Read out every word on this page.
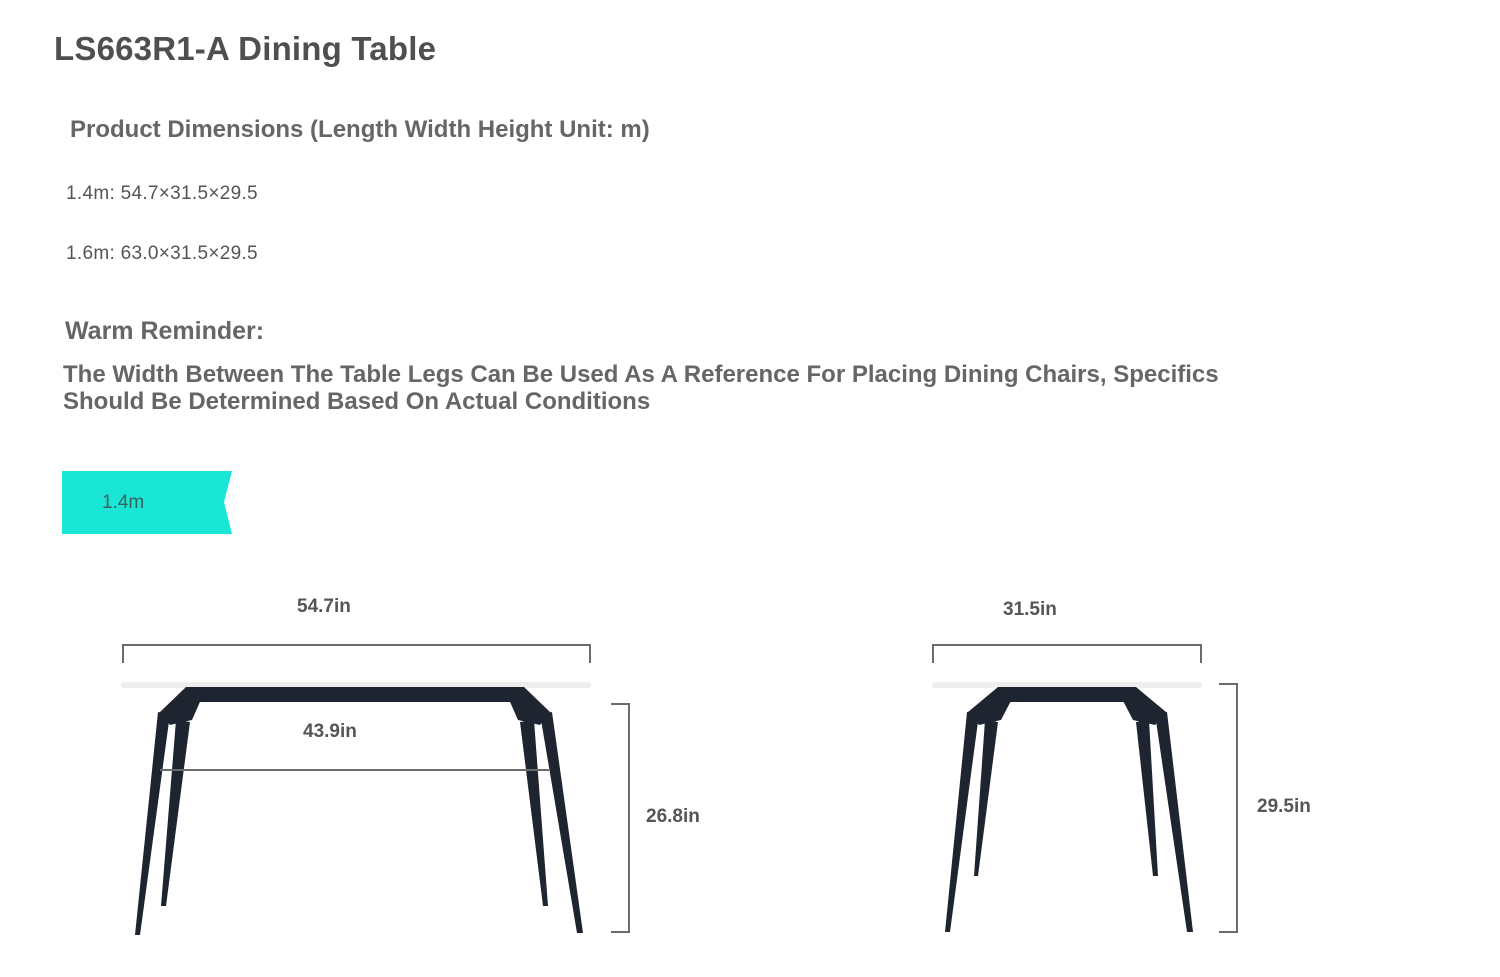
LS663R1-A Dining Table
Product Dimensions (Length Width Height Unit: m)
1.4m: 54.7×31.5×29.5
1.6m: 63.0×31.5×29.5
Warm Reminder:
The Width Between The Table Legs Can Be Used As A Reference For Placing Dining Chairs, Specifics Should Be Determined Based On Actual Conditions
1.4m
54.7in
43.9in
26.8in
31.5in
29.5in
